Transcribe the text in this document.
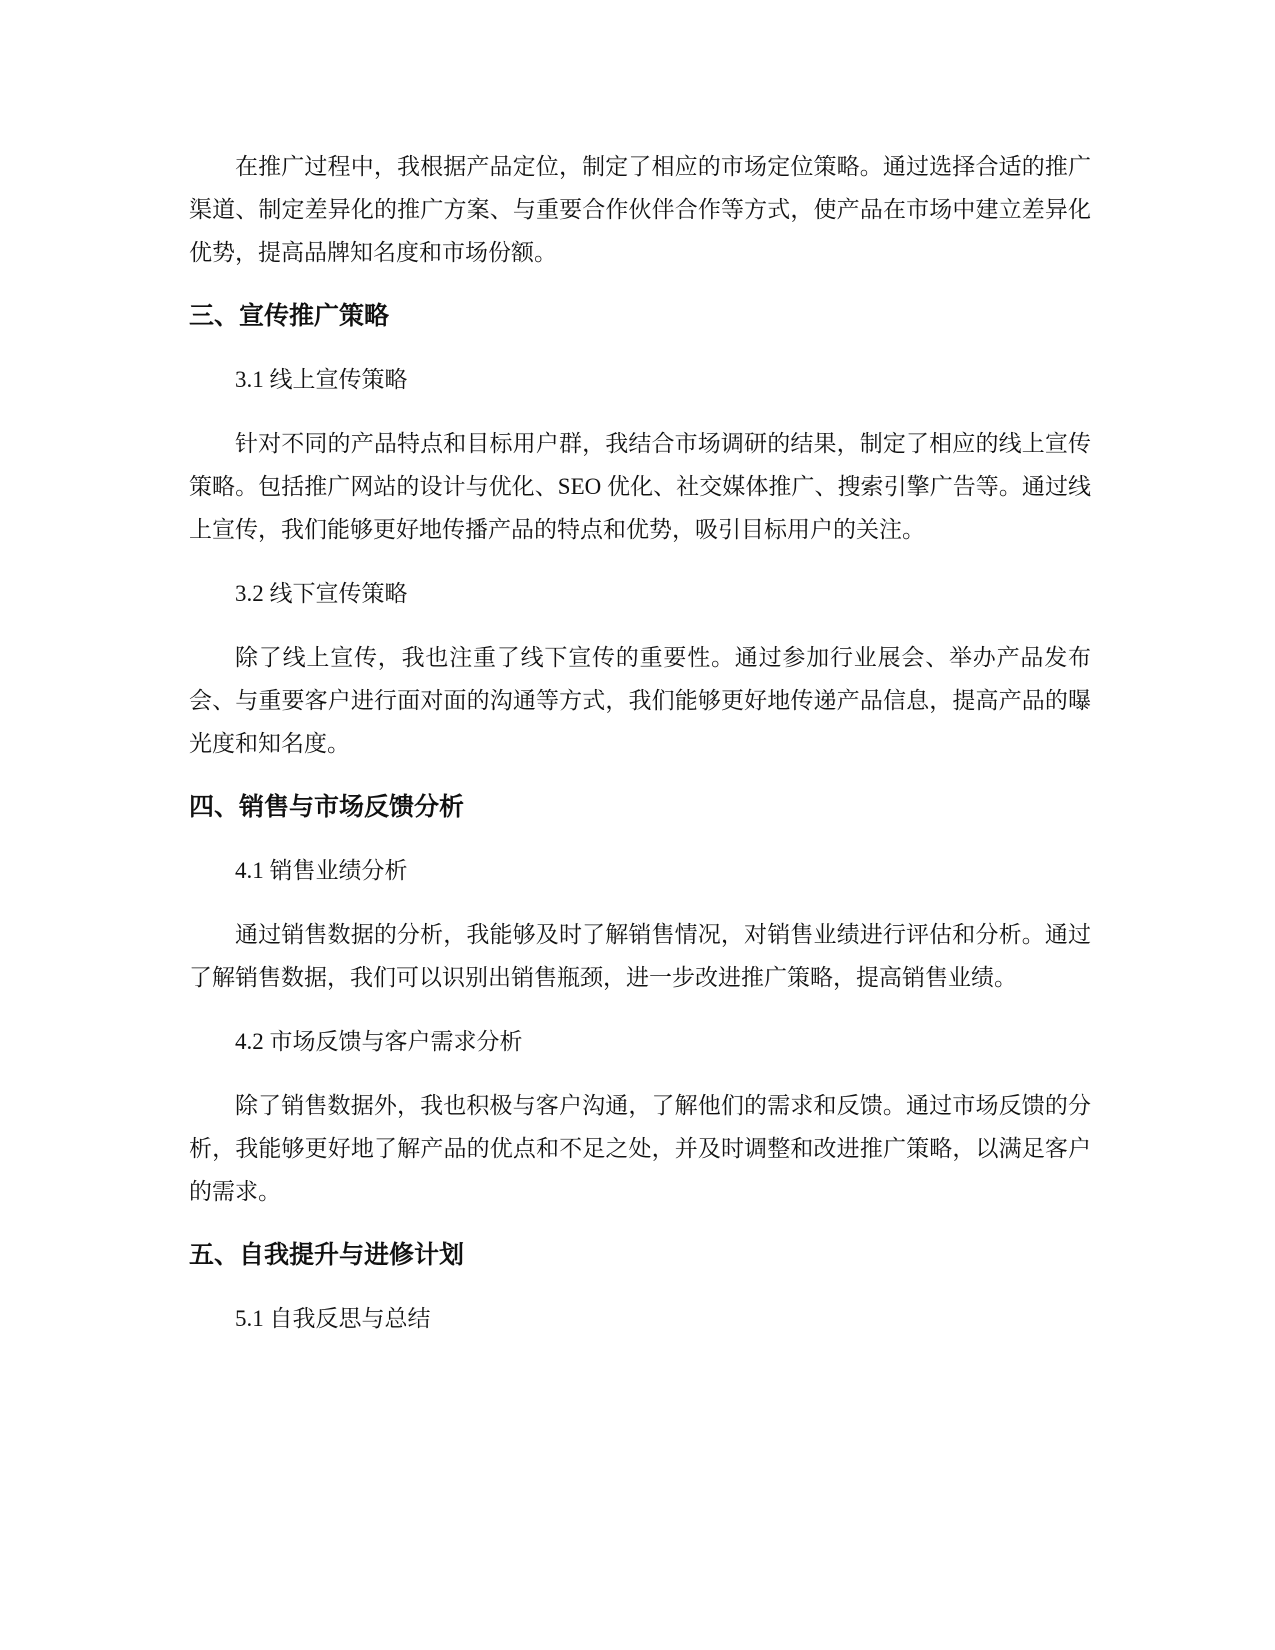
在推广过程中，我根据产品定位，制定了相应的市场定位策略。通过选择合适的推广渠道、制定差异化的推广方案、与重要合作伙伴合作等方式，使产品在市场中建立差异化优势，提高品牌知名度和市场份额。

三、宣传推广策略

3.1 线上宣传策略

针对不同的产品特点和目标用户群，我结合市场调研的结果，制定了相应的线上宣传策略。包括推广网站的设计与优化、SEO 优化、社交媒体推广、搜索引擎广告等。通过线上宣传，我们能够更好地传播产品的特点和优势，吸引目标用户的关注。

3.2 线下宣传策略

除了线上宣传，我也注重了线下宣传的重要性。通过参加行业展会、举办产品发布会、与重要客户进行面对面的沟通等方式，我们能够更好地传递产品信息，提高产品的曝光度和知名度。

四、销售与市场反馈分析

4.1 销售业绩分析

通过销售数据的分析，我能够及时了解销售情况，对销售业绩进行评估和分析。通过了解销售数据，我们可以识别出销售瓶颈，进一步改进推广策略，提高销售业绩。

4.2 市场反馈与客户需求分析

除了销售数据外，我也积极与客户沟通，了解他们的需求和反馈。通过市场反馈的分析，我能够更好地了解产品的优点和不足之处，并及时调整和改进推广策略，以满足客户的需求。

五、自我提升与进修计划

5.1 自我反思与总结
